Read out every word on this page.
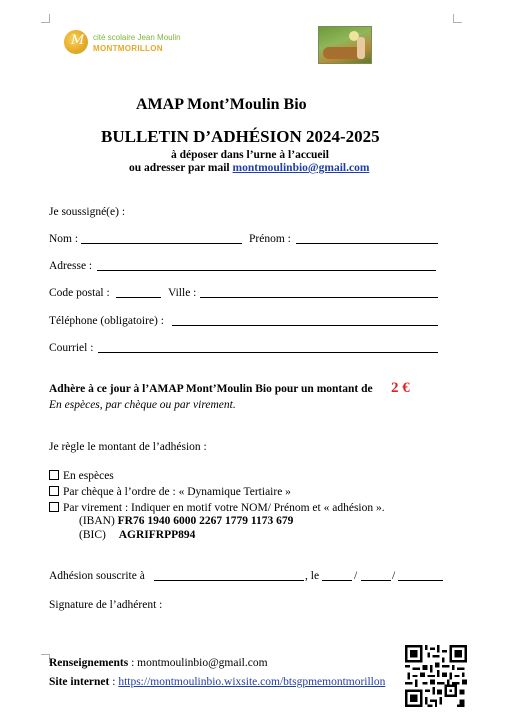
M cité scolaire Jean Moulin
MONTMORILLON
AMAP Mont’Moulin Bio
BULLETIN D’ADHÉSION 2024-2025
à déposer dans l’urne à l’accueil
ou adresser par mail montmoulinbio@gmail.com
Je soussigné(e) :
Nom :	Prénom :
Adresse :
Code postal :	Ville :
Téléphone (obligatoire) :
Courriel :
Adhère à ce jour à l’AMAP Mont’Moulin Bio pour un montant de 2 €
En espèces, par chèque ou par virement.
Je règle le montant de l’adhésion :
En espèces
Par chèque à l’ordre de : « Dynamique Tertiaire »
Par virement : Indiquer en motif votre NOM/ Prénom et « adhésion ».
(IBAN) FR76 1940 6000 2267 1779 1173 679
(BIC) AGRIFRPP894
Adhésion souscrite à	, le	/	/
Signature de l’adhérent :
Renseignements : montmoulinbio@gmail.com
Site internet : https://montmoulinbio.wixsite.com/btsgpmemontmorillon
